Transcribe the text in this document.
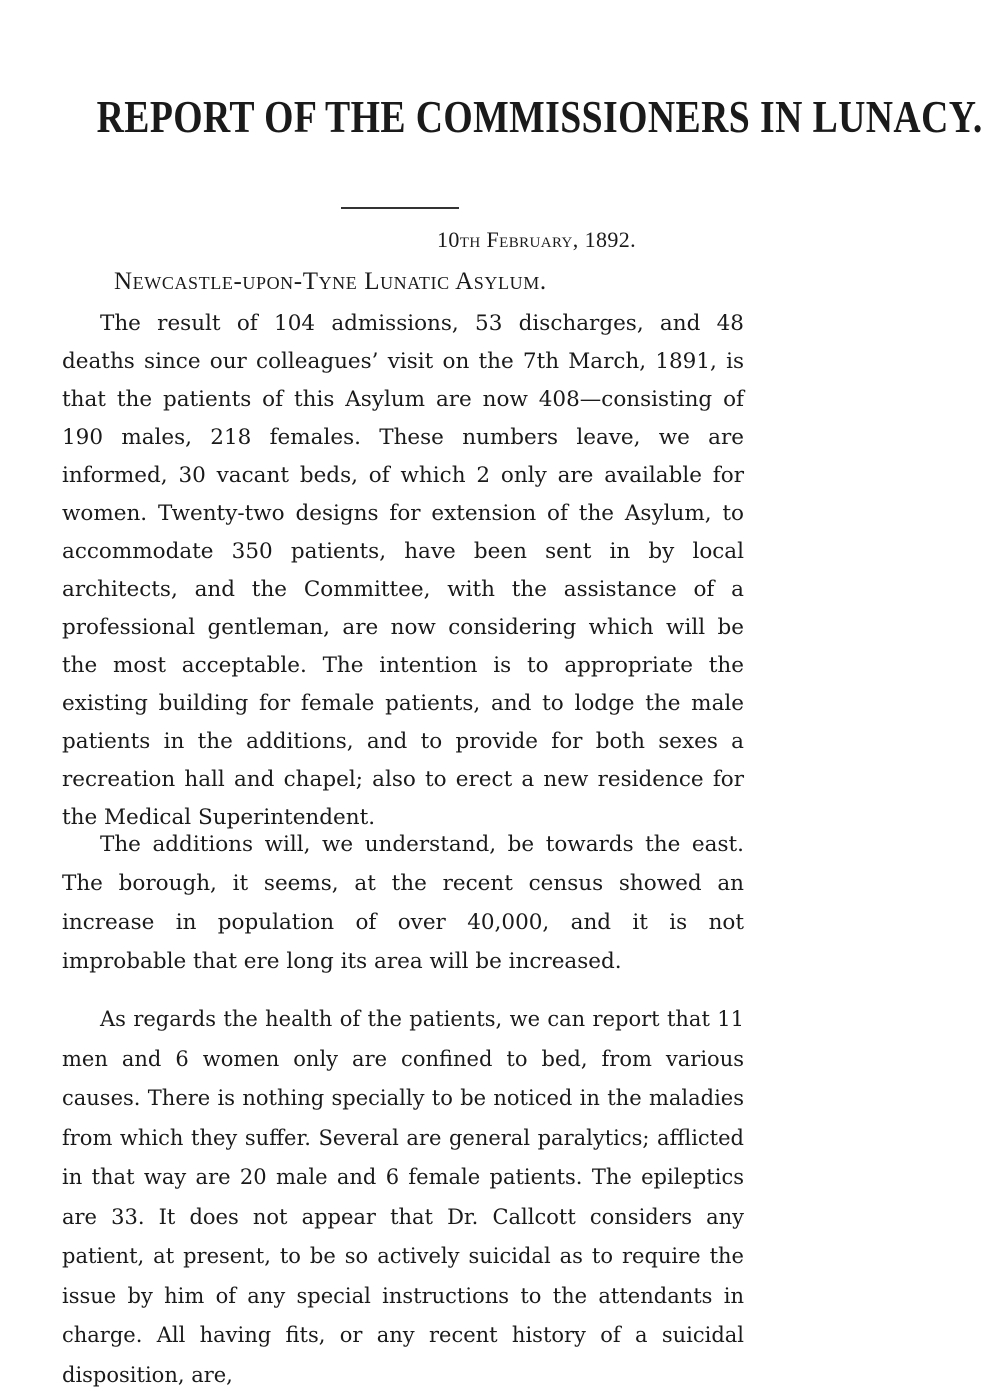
REPORT OF THE COMMISSIONERS IN LUNACY.
10th February, 1892.
Newcastle-upon-Tyne Lunatic Asylum.

The result of 104 admissions, 53 discharges, and 48 deaths since our colleagues’ visit on the 7th March, 1891, is that the patients of this Asylum are now 408—consisting of 190 males, 218 females. These numbers leave, we are informed, 30 vacant beds, of which 2 only are available for women. Twenty-two designs for extension of the Asylum, to accommodate 350 patients, have been sent in by local architects, and the Committee, with the assistance of a professional gentleman, are now considering which will be the most acceptable. The intention is to appropriate the existing building for female patients, and to lodge the male patients in the additions, and to provide for both sexes a recreation hall and chapel; also to erect a new residence for the Medical Superintendent.

The additions will, we understand, be towards the east. The borough, it seems, at the recent census showed an increase in population of over 40,000, and it is not improbable that ere long its area will be increased.

As regards the health of the patients, we can report that 11 men and 6 women only are confined to bed, from various causes. There is nothing specially to be noticed in the maladies from which they suffer. Several are general paralytics; afflicted in that way are 20 male and 6 female patients. The epileptics are 33. It does not appear that Dr. Callcott considers any patient, at present, to be so actively suicidal as to require the issue by him of any special instructions to the attendants in charge. All having fits, or any recent history of a suicidal disposition, are,
